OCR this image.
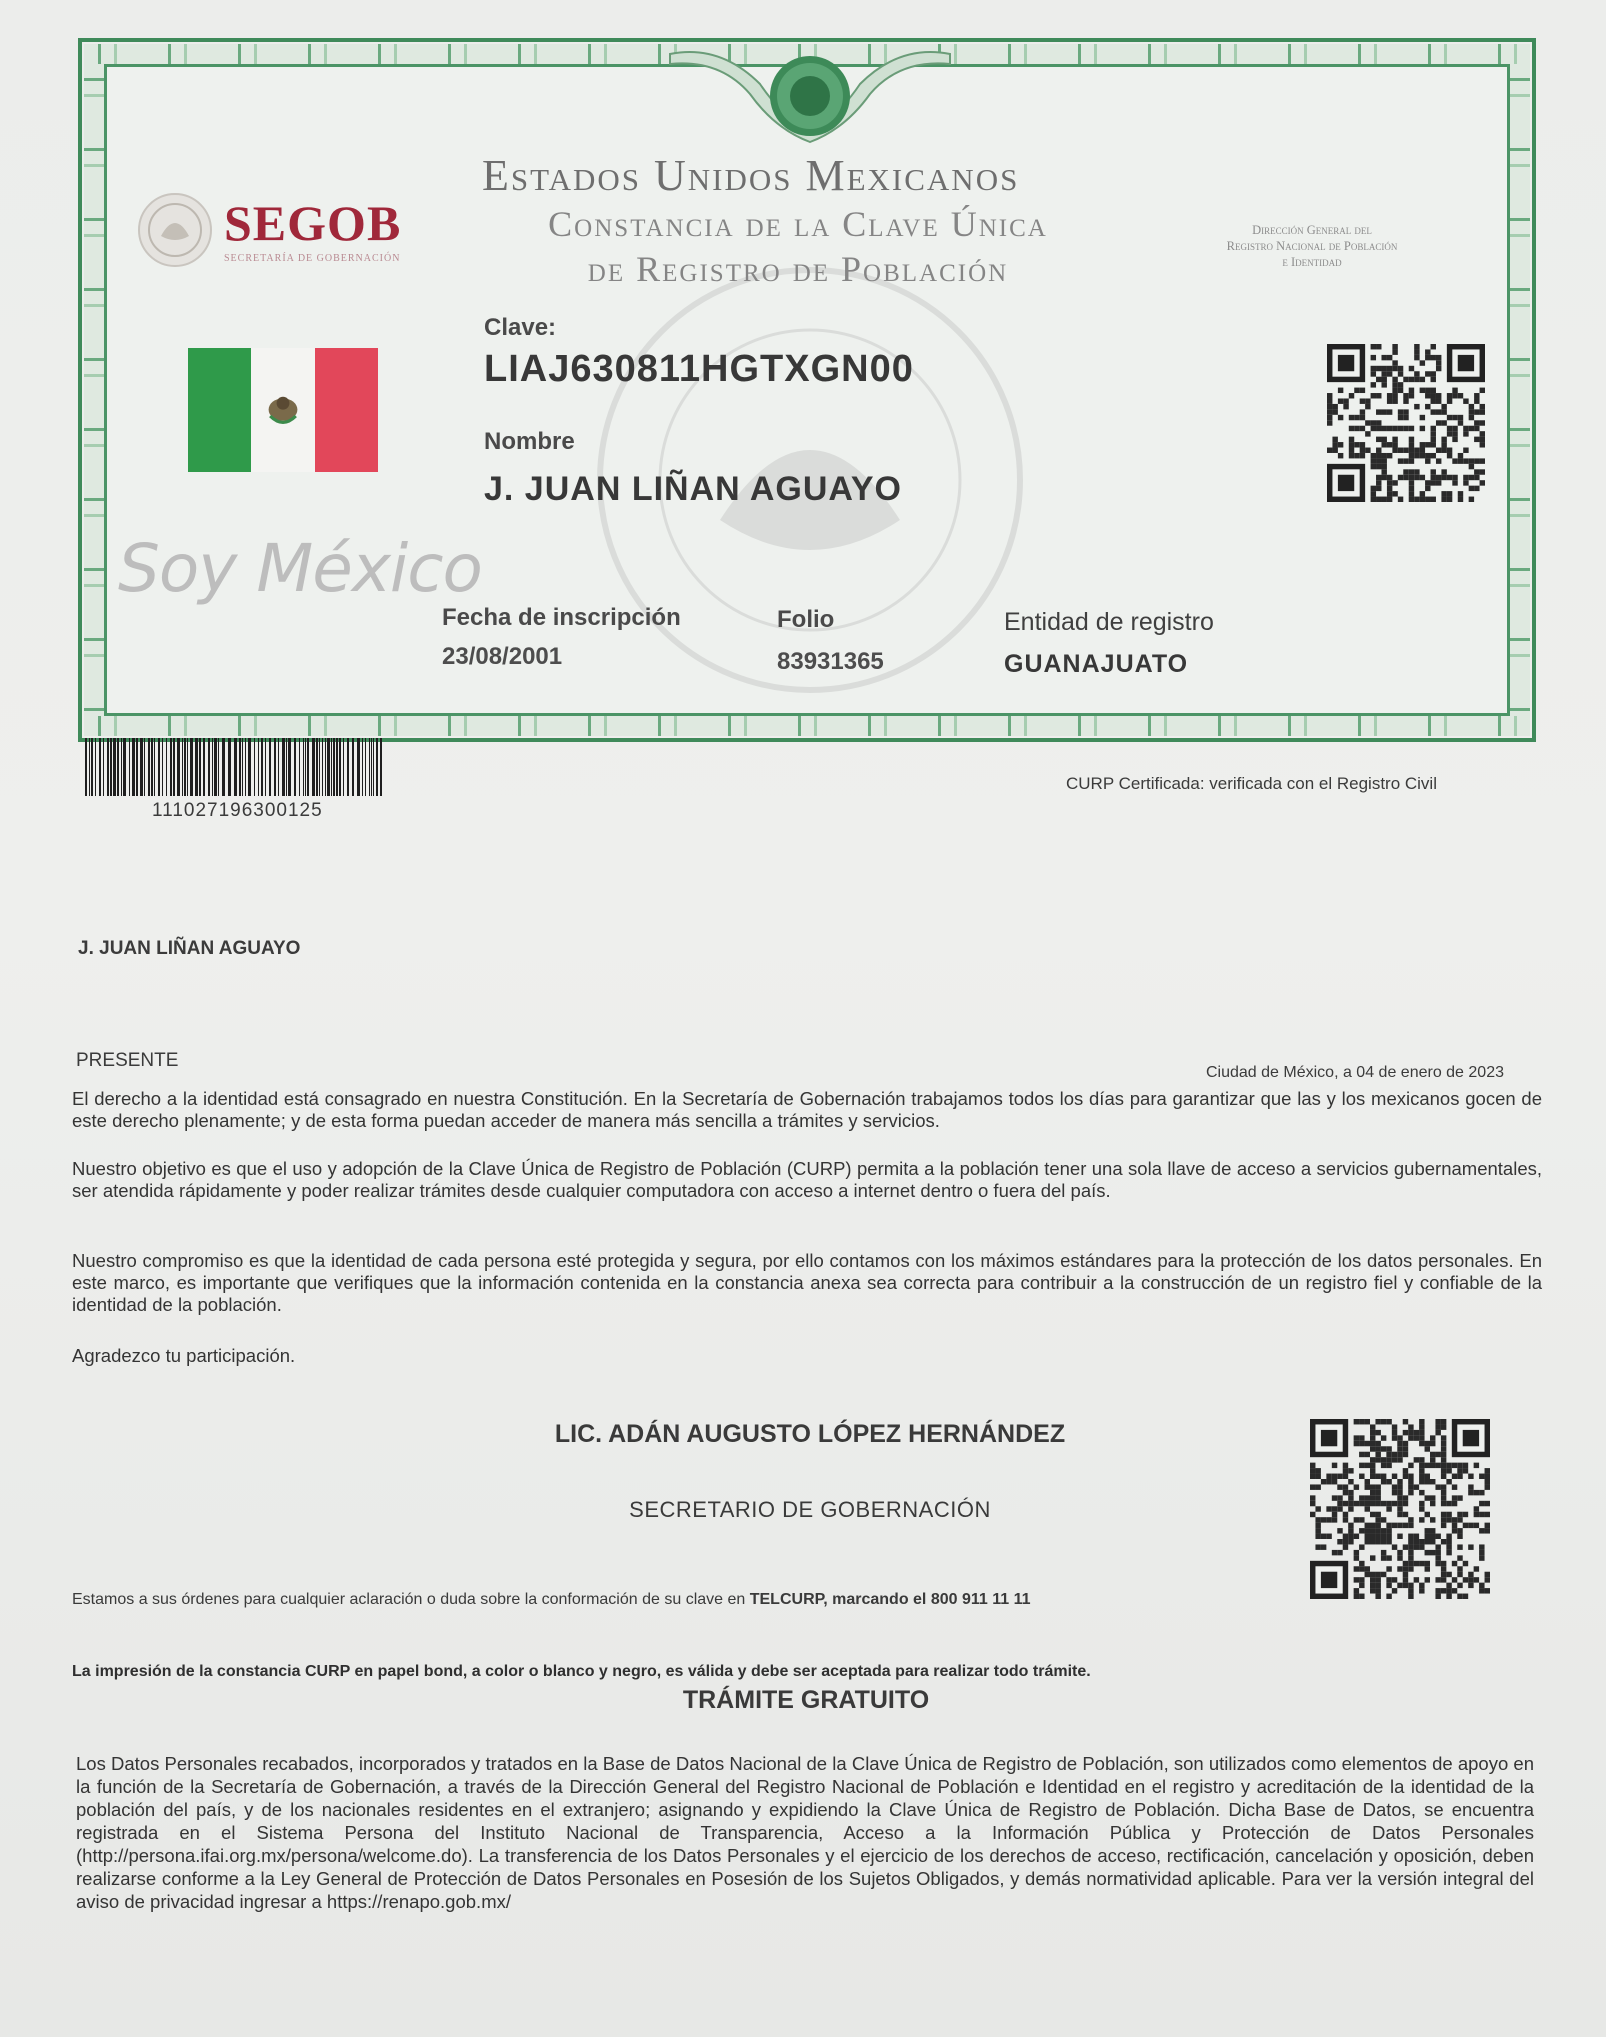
SEGOB
SECRETARÍA DE GOBERNACIÓN
Estados Unidos Mexicanos
Constancia de la Clave Única
de Registro de Población
Dirección General del
Registro Nacional de Población
e Identidad
Soy México
Clave:
LIAJ630811HGTXGN00
Nombre
J. JUAN LIÑAN AGUAYO
Fecha de inscripción
23/08/2001
Folio
83931365
Entidad de registro
GUANAJUATO
111027196300125
CURP Certificada: verificada con el Registro Civil
J. JUAN LIÑAN AGUAYO
PRESENTE
Ciudad de México, a 04 de enero de 2023
El derecho a la identidad está consagrado en nuestra Constitución. En la Secretaría de Gobernación trabajamos todos los días para garantizar que las y los mexicanos gocen de este derecho plenamente; y de esta forma puedan acceder de manera más sencilla a trámites y servicios.
Nuestro objetivo es que el uso y adopción de la Clave Única de Registro de Población (CURP) permita a la población tener una sola llave de acceso a servicios gubernamentales, ser atendida rápidamente y poder realizar trámites desde cualquier computadora con acceso a internet dentro o fuera del país.
Nuestro compromiso es que la identidad de cada persona esté protegida y segura, por ello contamos con los máximos estándares para la protección de los datos personales. En este marco, es importante que verifiques que la información contenida en la constancia anexa sea correcta para contribuir a la construcción de un registro fiel y confiable de la identidad de la población.
Agradezco tu participación.
LIC. ADÁN AUGUSTO LÓPEZ HERNÁNDEZ
SECRETARIO DE GOBERNACIÓN
Estamos a sus órdenes para cualquier aclaración o duda sobre la conformación de su clave en TELCURP, marcando el 800 911 11 11
La impresión de la constancia CURP en papel bond, a color o blanco y negro, es válida y debe ser aceptada para realizar todo trámite.
TRÁMITE GRATUITO
Los Datos Personales recabados, incorporados y tratados en la Base de Datos Nacional de la Clave Única de Registro de Población, son utilizados como elementos de apoyo en la función de la Secretaría de Gobernación, a través de la Dirección General del Registro Nacional de Población e Identidad en el registro y acreditación de la identidad de la población del país, y de los nacionales residentes en el extranjero; asignando y expidiendo la Clave Única de Registro de Población. Dicha Base de Datos, se encuentra registrada en el Sistema Persona del Instituto Nacional de Transparencia, Acceso a la Información Pública y Protección de Datos Personales (http://persona.ifai.org.mx/persona/welcome.do). La transferencia de los Datos Personales y el ejercicio de los derechos de acceso, rectificación, cancelación y oposición, deben realizarse conforme a la Ley General de Protección de Datos Personales en Posesión de los Sujetos Obligados, y demás normatividad aplicable. Para ver la versión integral del aviso de privacidad ingresar a https://renapo.gob.mx/
